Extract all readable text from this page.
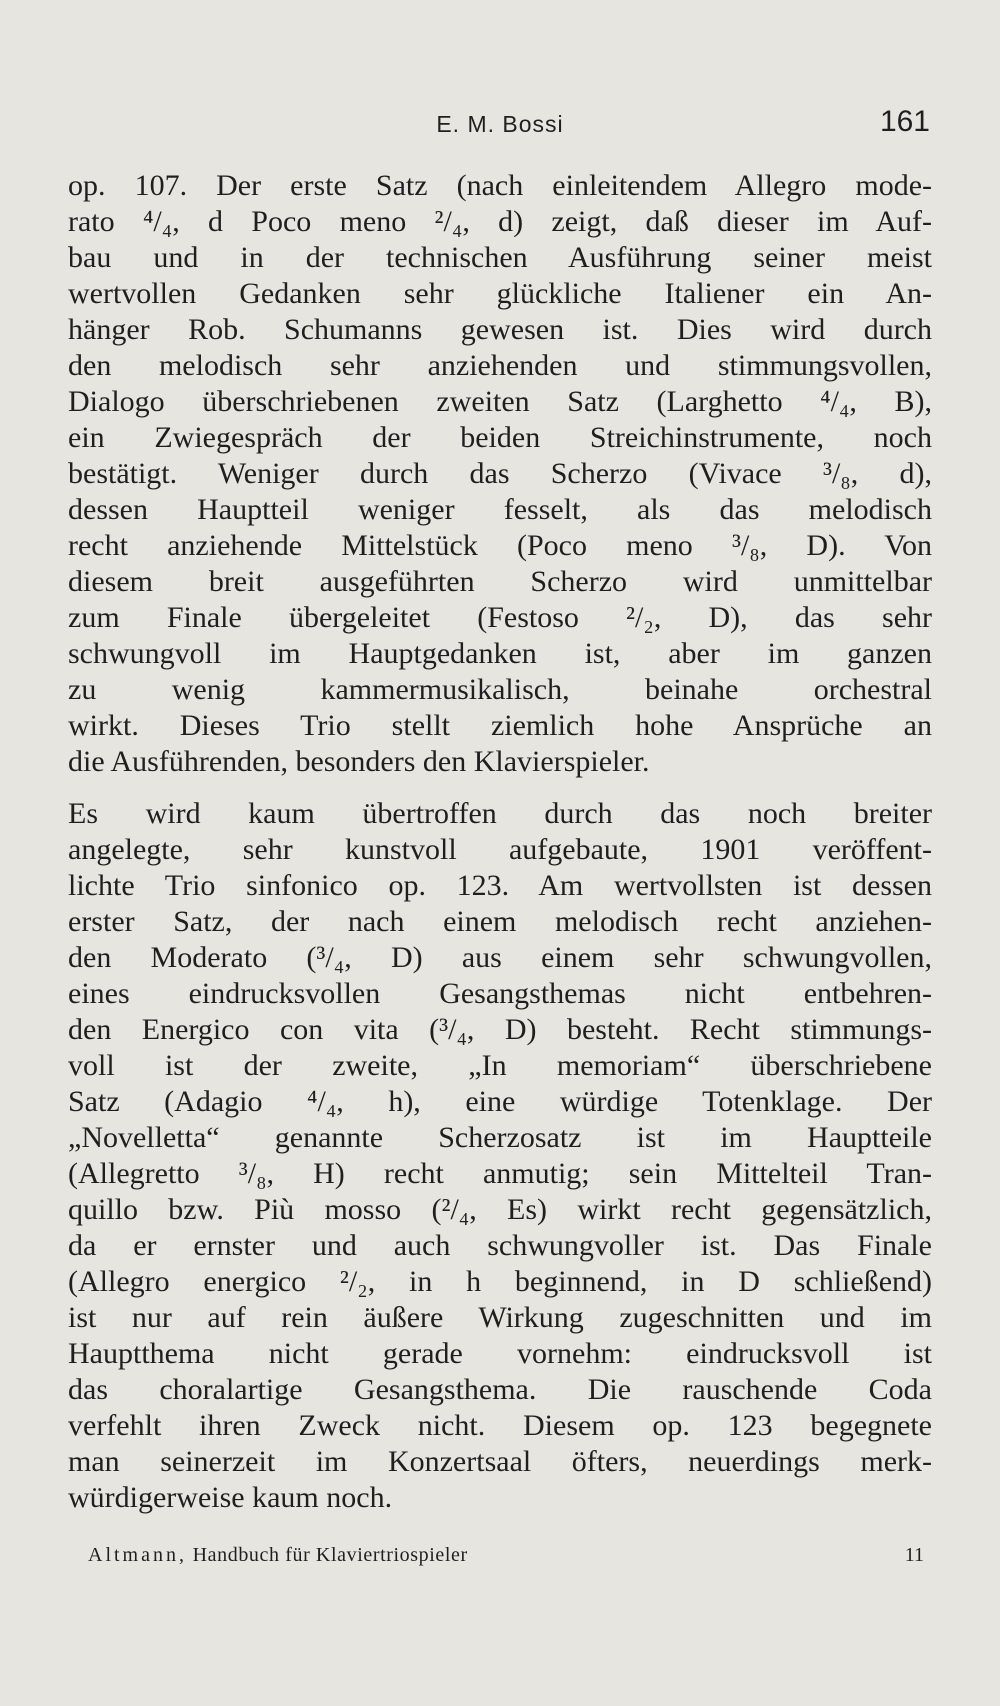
E. M. Bossi	161
op. 107. Der erste Satz (nach einleitendem Allegro mode-
rato ⁴/₄, d Poco meno ²/₄, d) zeigt, daß dieser im Auf-
bau und in der technischen Ausführung seiner meist
wertvollen Gedanken sehr glückliche Italiener ein An-
hänger Rob. Schumanns gewesen ist. Dies wird durch
den melodisch sehr anziehenden und stimmungsvollen,
Dialogo überschriebenen zweiten Satz (Larghetto ⁴/₄, B),
ein Zwiegespräch der beiden Streichinstrumente, noch
bestätigt. Weniger durch das Scherzo (Vivace ³/₈, d),
dessen Hauptteil weniger fesselt, als das melodisch
recht anziehende Mittelstück (Poco meno ³/₈, D). Von
diesem breit ausgeführten Scherzo wird unmittelbar
zum Finale übergeleitet (Festoso ²/₂, D), das sehr
schwungvoll im Hauptgedanken ist, aber im ganzen
zu wenig kammermusikalisch, beinahe orchestral
wirkt. Dieses Trio stellt ziemlich hohe Ansprüche an
die Ausführenden, besonders den Klavierspieler.
Es wird kaum übertroffen durch das noch breiter
angelegte, sehr kunstvoll aufgebaute, 1901 veröffent-
lichte Trio sinfonico op. 123. Am wertvollsten ist dessen
erster Satz, der nach einem melodisch recht anziehen-
den Moderato (³/₄, D) aus einem sehr schwungvollen,
eines eindrucksvollen Gesangsthemas nicht entbehren-
den Energico con vita (³/₄, D) besteht. Recht stimmungs-
voll ist der zweite, „In memoriam“ überschriebene
Satz (Adagio ⁴/₄, h), eine würdige Totenklage. Der
„Novelletta“ genannte Scherzosatz ist im Hauptteile
(Allegretto ³/₈, H) recht anmutig; sein Mittelteil Tran-
quillo bzw. Più mosso (²/₄, Es) wirkt recht gegensätzlich,
da er ernster und auch schwungvoller ist. Das Finale
(Allegro energico ²/₂, in h beginnend, in D schließend)
ist nur auf rein äußere Wirkung zugeschnitten und im
Hauptthema nicht gerade vornehm: eindrucksvoll ist
das choralartige Gesangsthema. Die rauschende Coda
verfehlt ihren Zweck nicht. Diesem op. 123 begegnete
man seinerzeit im Konzertsaal öfters, neuerdings merk-
würdigerweise kaum noch.
Altmann, Handbuch für Klaviertriospieler	11
